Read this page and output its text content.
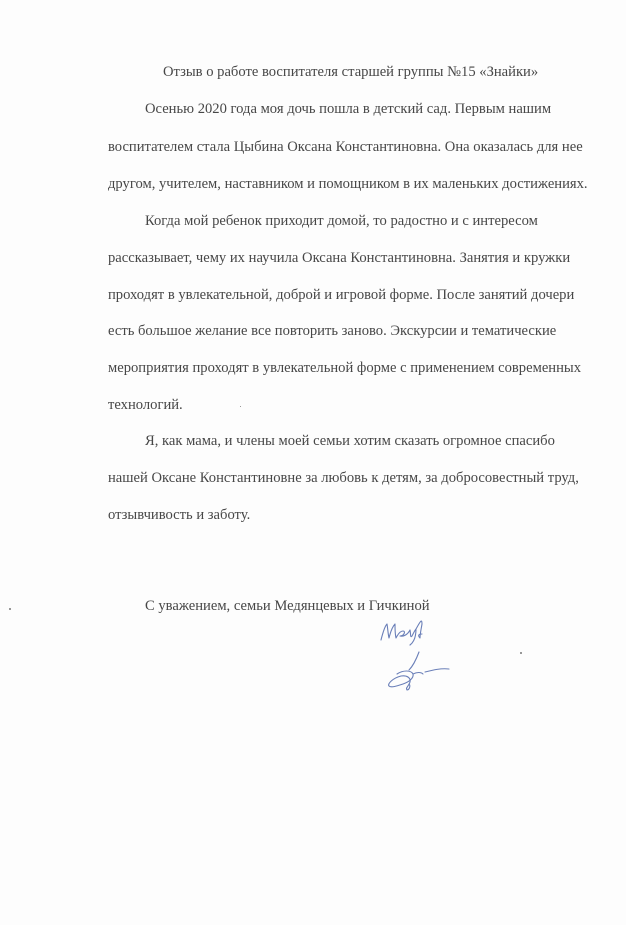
Отзыв о работе воспитателя старшей группы №15 «Знайки»
Осенью 2020 года моя дочь пошла в детский сад. Первым нашим
воспитателем стала Цыбина Оксана Константиновна. Она оказалась для нее
другом, учителем, наставником и помощником в их маленьких достижениях.
Когда мой ребенок приходит домой, то радостно и с интересом
рассказывает, чему их научила Оксана Константиновна. Занятия и кружки
проходят в увлекательной, доброй и игровой форме. После занятий дочери
есть большое желание все повторить заново. Экскурсии и тематические
мероприятия проходят в увлекательной форме с применением современных
технологий.
Я, как мама, и члены моей семьи хотим сказать огромное спасибо
нашей Оксане Константиновне за любовь к детям, за добросовестный труд,
отзывчивость и заботу.
С уважением, семьи Медянцевых и Гичкиной
